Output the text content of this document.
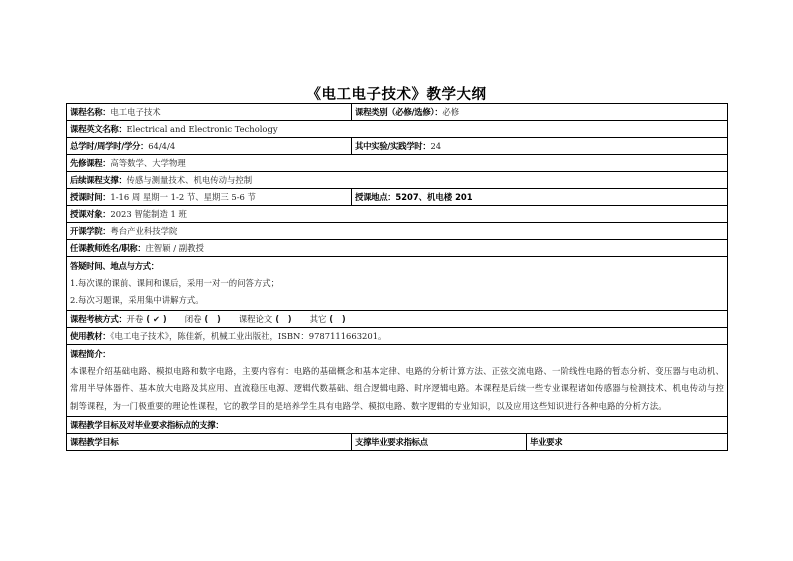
《电工电子技术》教学大纲
课程名称：电工电子技术	课程类别（必修/选修）：必修	
课程英文名称：Electrical and Electronic Techology		
总学时/周学时/学分：64/4/4	其中实验/实践学时：24	
先修课程：高等数学、大学物理		
后续课程支撑：传感与测量技术、机电传动与控制		
授课时间：1-16 周 星期一 1-2 节、星期三 5-6 节	授课地点：5207、机电楼 201	
授课对象：2023 智能制造 1 班		
开课学院：粤台产业科技学院		
任课教师姓名/职称：庄智颖 / 副教授		

答疑时间、地点与方式：
1.每次课的课前、课间和课后，采用一对一的问答方式；
2.每次习题课，采用集中讲解方式。		

课程考核方式：开卷 ( ✔ ) 闭卷 (   ) 课程论文 (   ) 其它 (   )		
使用教材：《电工电子技术》，陈佳新，机械工业出版社，ISBN：9787111663201。		

课程简介：
本课程介绍基础电路、模拟电路和数字电路，主要内容有：电路的基础概念和基本定律、电路的分析计算方法、正弦交流电路、一阶线性电路的暂态分析、变压器与电动机、常用半导体器件、基本放大电路及其应用、直流稳压电源、逻辑代数基础、组合逻辑电路、时序逻辑电路。本课程是后续一些专业课程诸如传感器与检测技术、机电传动与控制等课程，为一门极重要的理论性课程，它的教学目的是培养学生具有电路学、模拟电路、数字逻辑的专业知识，以及应用这些知识进行各种电路的分析方法。		

课程教学目标及对毕业要求指标点的支撑：		
课程教学目标	支撑毕业要求指标点	毕业要求
